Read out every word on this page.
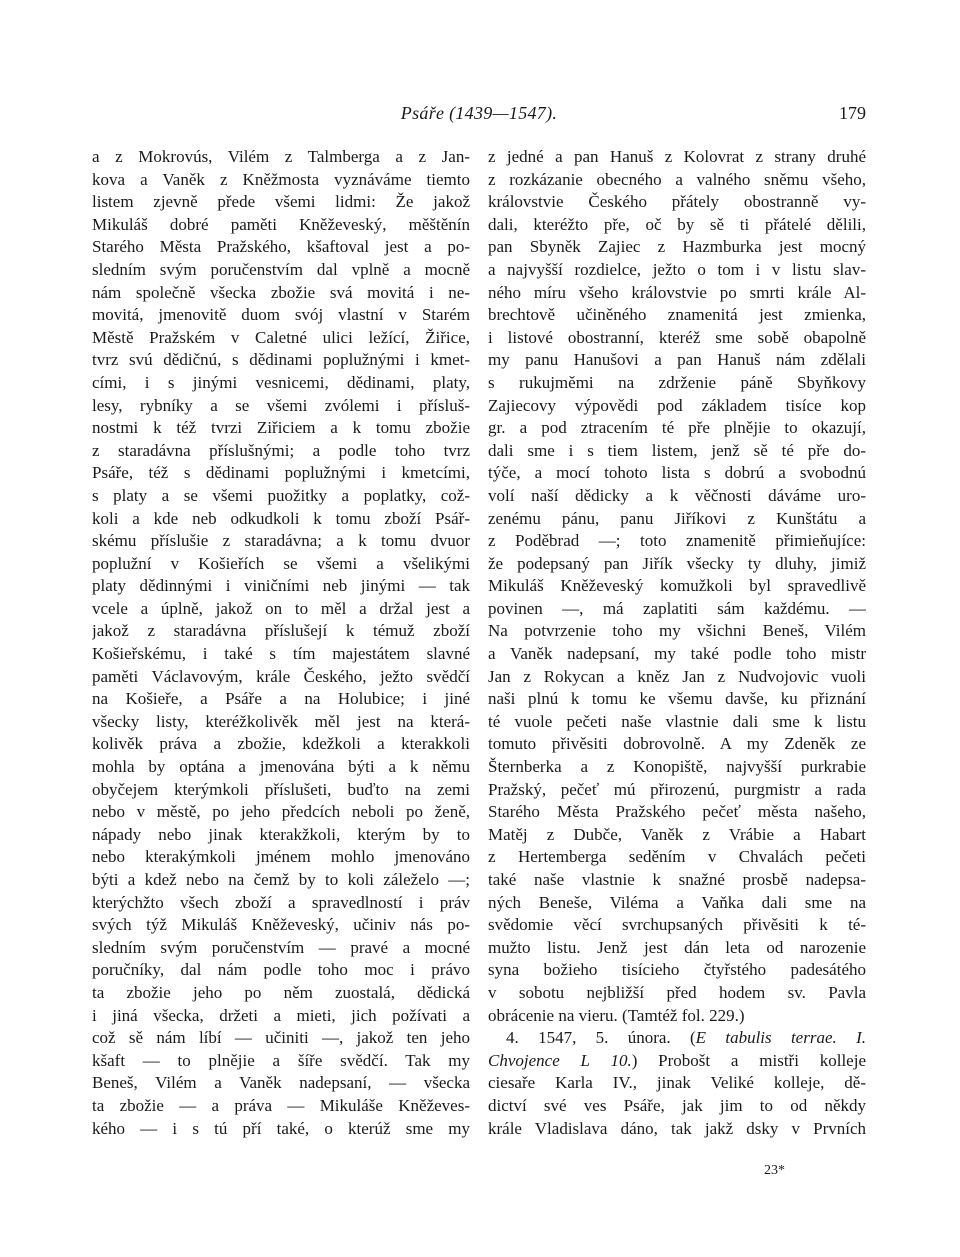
Psáře (1439—1547).	179
a z Mokrovús, Vilém z Talmberga a z Jan-
kova a Vaněk z Kněžmosta vyznáváme tiemto
listem zjevně přede všemi lidmi: Že jakož
Mikuláš dobré paměti Kněževeský, měštěnín
Starého Města Pražského, kšaftoval jest a po-
sledním svým poručenstvím dal vplně a mocně
nám společně všecka zbožie svá movitá i ne-
movitá, jmenovitě duom svój vlastní v Starém
Městě Pražském v Caletné ulici ležící, Žiřice,
tvrz svú dědičnú, s dědinami poplužnými i kmet-
cími, i s jinými vesnicemi, dědinami, platy,
lesy, rybníky a se všemi zvólemi i přísluš-
nostmi k též tvrzi Ziřiciem a k tomu zbožie
z staradávna příslušnými; a podle toho tvrz
Psáře, též s dědinami poplužnými i kmetcími,
s platy a se všemi puožitky a poplatky, což-
koli a kde neb odkudkoli k tomu zboží Psář-
skému příslušie z staradávna; a k tomu dvuor
poplužní v Košieřích se všemi a všelikými
platy dědinnými i viničními neb jinými — tak
vcele a úplně, jakož on to měl a držal jest a
jakož z staradávna příslušejí k témuž zboží
Košieřskému, i také s tím majestátem slavné
paměti Václavovým, krále Českého, ježto svědčí
na Košieře, a Psáře a na Holubice; i jiné
všecky listy, kteréžkolivěk měl jest na která-
kolivěk práva a zbožie, kdežkoli a kterakkoli
mohla by optána a jmenována býti a k němu
obyčejem kterýmkoli příslušeti, buďto na zemi
nebo v městě, po jeho předcích neboli po ženě,
nápady nebo jinak kterakžkoli, kterým by to
nebo kterakýmkoli jménem mohlo jmenováno
býti a kdež nebo na čemž by to koli záleželo —;
kterýchžto všech zboží a spravedlností i práv
svých týž Mikuláš Kněževeský, učiniv nás po-
sledním svým poručenstvím — pravé a mocné
poručníky, dal nám podle toho moc i právo
ta zbožie jeho po něm zuostalá, dědická
i jiná všecka, držeti a mieti, jich požívati a
což sě nám líbí — učiniti —, jakož ten jeho
kšaft — to plnějie a šíře svědčí. Tak my
Beneš, Vilém a Vaněk nadepsaní, — všecka
ta zbožie — a práva — Mikuláše Kněževes-
kého — i s tú pří také, o kterúž sme my
z jedné a pan Hanuš z Kolovrat z strany druhé
z rozkázanie obecného a valného sněmu všeho,
královstvie Českého přátely obostranně vy-
dali, kteréžto pře, oč by sě ti přátelé dělili,
pan Sbyněk Zajiec z Hazmburka jest mocný
a najvyšší rozdielce, ježto o tom i v listu slav-
ného míru všeho královstvie po smrti krále Al-
brechtově učiněného znamenitá jest zmienka,
i listové obostranní, kteréž sme sobě obapolně
my panu Hanušovi a pan Hanuš nám zdělali
s rukujměmi na zdrženie páně Sbyňkovy
Zajiecovy výpovědi pod základem tisíce kop
gr. a pod ztracením té pře plnějie to okazují,
dali sme i s tiem listem, jenž sě té pře do-
týče, a mocí tohoto lista s dobrú a svobodnú
volí naší dědicky a k věčnosti dáváme uro-
zenému pánu, panu Jiříkovi z Kunštátu a
z Poděbrad —; toto znamenitě přimieňujíce:
že podepsaný pan Jiřík všecky ty dluhy, jimiž
Mikuláš Kněževeský komužkoli byl spravedlivě
povinen —, má zaplatiti sám každému. —
Na potvrzenie toho my všichni Beneš, Vilém
a Vaněk nadepsaní, my také podle toho mistr
Jan z Rokycan a kněz Jan z Nudvojovic vuoli
naši plnú k tomu ke všemu davše, ku přiznání
té vuole pečeti naše vlastnie dali sme k listu
tomuto přivěsiti dobrovolně. A my Zdeněk ze
Šternberka a z Konopiště, najvyšší purkrabie
Pražský, pečeť mú přirozenú, purgmistr a rada
Starého Města Pražského pečeť města našeho,
Matěj z Dubče, Vaněk z Vrábie a Habart
z Hertemberga seděním v Chvalách pečeti
také naše vlastnie k snažné prosbě nadepsa-
ných Beneše, Viléma a Vaňka dali sme na
svědomie věcí svrchupsaných přivěsiti k té-
mužto listu. Jenž jest dán leta od narozenie
syna božieho tisícieho čtyřstého padesátého
v sobotu nejbližší před hodem sv. Pavla
obrácenie na vieru. (Tamtéž fol. 229.)
4. 1547, 5. února. (E tabulis terrae. I.
Chvojence L 10.) Probošt a mistři kolleje
ciesaře Karla IV., jinak Veliké kolleje, dě-
dictví své ves Psáře, jak jim to od někdy
krále Vladislava dáno, tak jakž dsky v Prvních
23*
